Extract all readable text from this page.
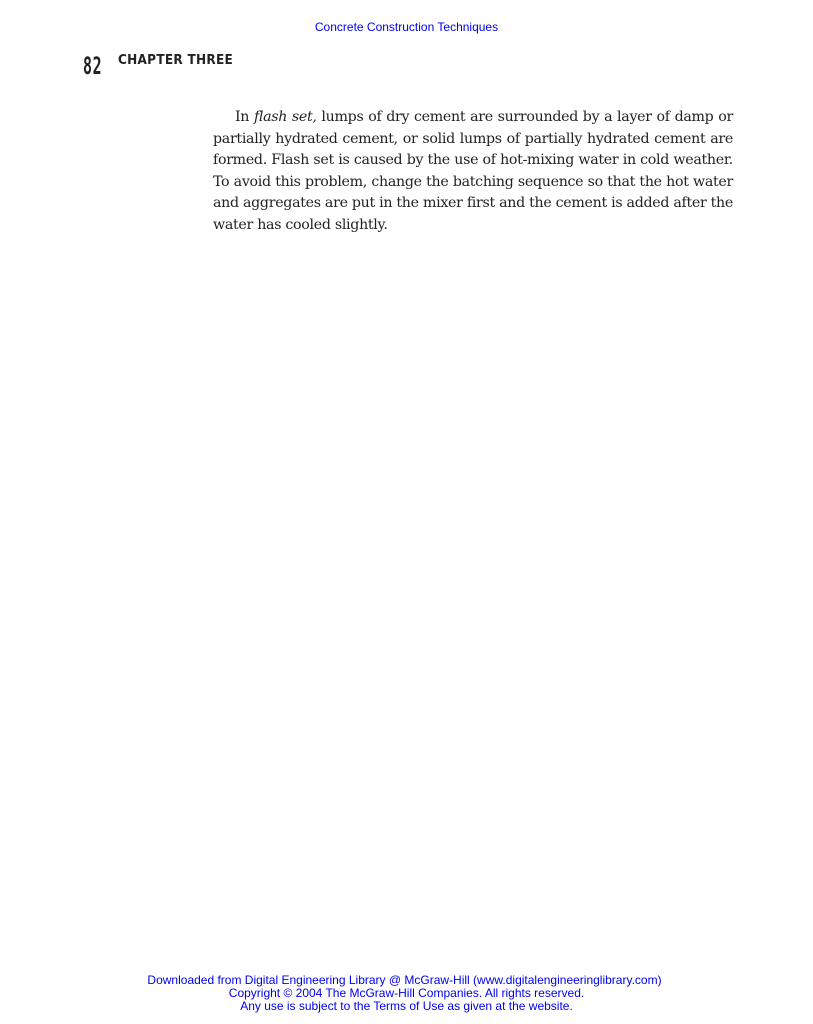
Concrete Construction Techniques
82 CHAPTER THREE

In flash set, lumps of dry cement are surrounded by a layer of damp or partially hydrated cement, or solid lumps of partially hydrated cement are formed. Flash set is caused by the use of hot-mixing water in cold weather. To avoid this problem, change the batching sequence so that the hot water and aggregates are put in the mixer first and the cement is added after the water has cooled slightly.

Downloaded from Digital Engineering Library @ McGraw-Hill (www.digitalengineeringlibrary.com)
Copyright © 2004 The McGraw-Hill Companies. All rights reserved.
Any use is subject to the Terms of Use as given at the website.
